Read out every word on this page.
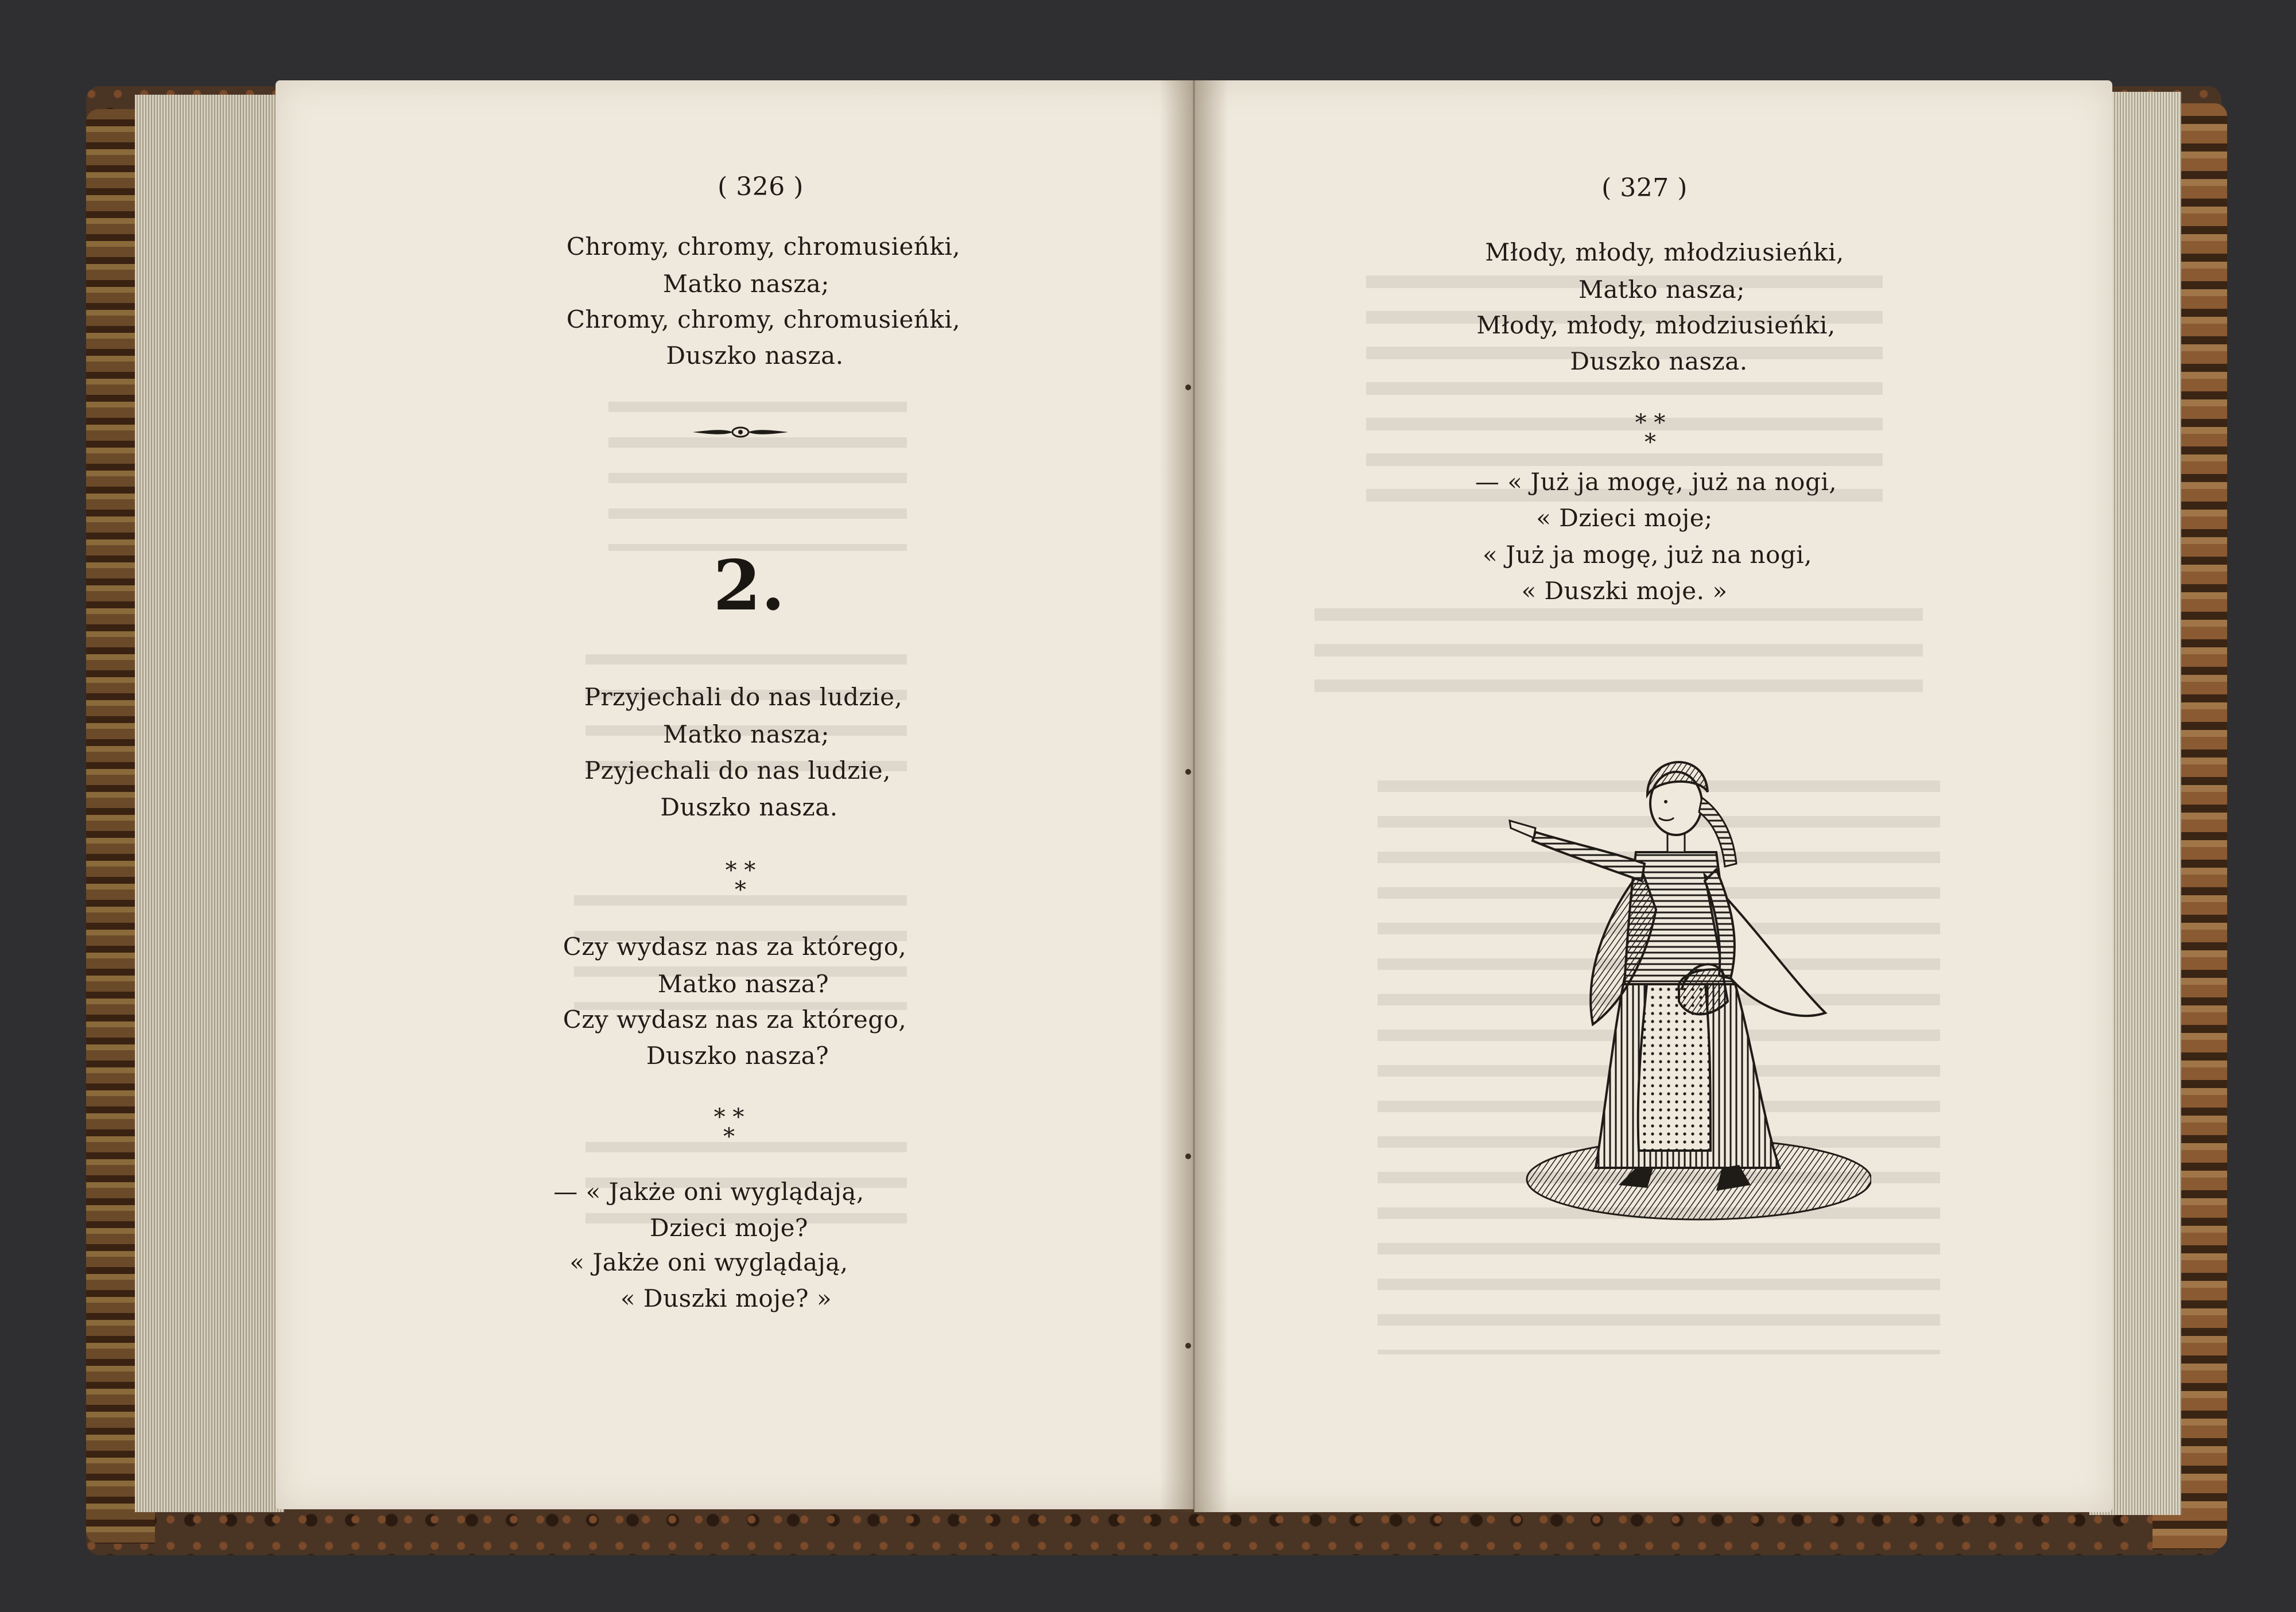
( 326 )
Chromy, chromy, chromusieńki,
Matko nasza;
Chromy, chromy, chromusieńki,
Duszko nasza.
2.
Przyjechali do nas ludzie,
Matko nasza;
Pzyjechali do nas ludzie,
Duszko nasza.
* *
*
Czy wydasz nas za którego,
Matko nasza?
Czy wydasz nas za którego,
Duszko nasza?
* *
*
— « Jakże oni wyglądają,
Dzieci moje?
« Jakże oni wyglądają,
« Duszki moje? »
( 327 )
Młody, młody, młodziusieńki,
Matko nasza;
Młody, młody, młodziusieńki,
Duszko nasza.
* *
*
— « Już ja mogę, już na nogi,
« Dzieci moje;
« Już ja mogę, już na nogi,
« Duszki moje. »
